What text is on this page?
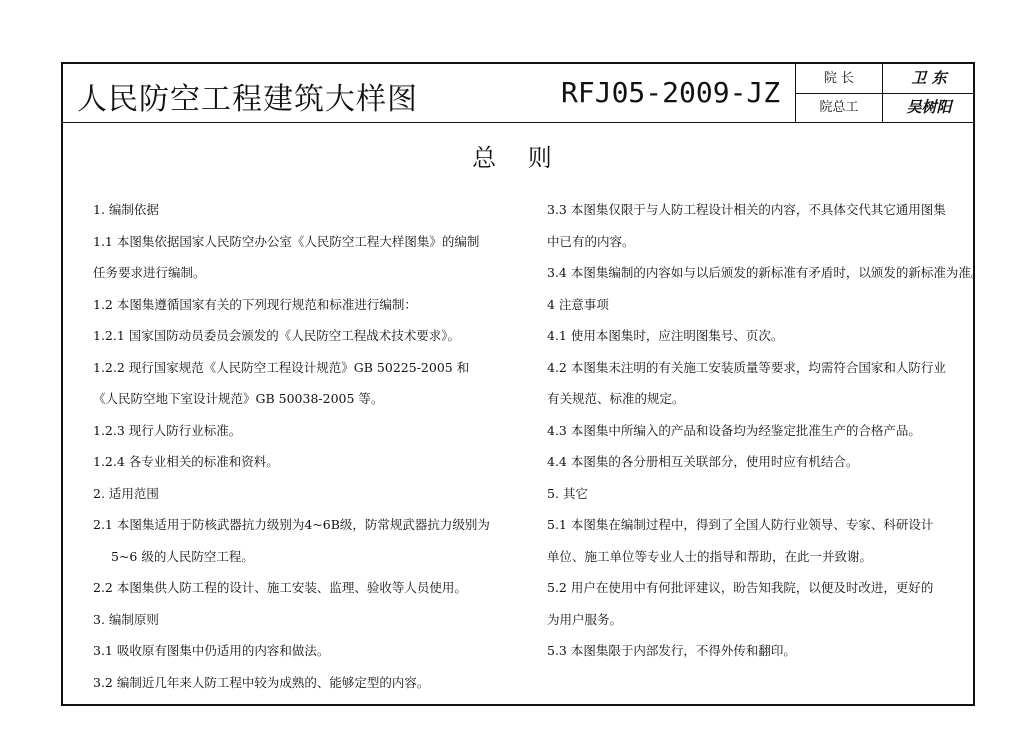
人民防空工程建筑大样图	RFJ05-2009-JZ	院 长	卫 东
院总工	吴树阳
总 则
1. 编制依据
1.1 本图集依据国家人民防空办公室《人民防空工程大样图集》的编制
任务要求进行编制。
1.2 本图集遵循国家有关的下列现行规范和标准进行编制：
1.2.1 国家国防动员委员会颁发的《人民防空工程战术技术要求》。
1.2.2 现行国家规范《人民防空工程设计规范》GB 50225-2005 和
《人民防空地下室设计规范》GB 50038-2005 等。
1.2.3 现行人防行业标准。
1.2.4 各专业相关的标准和资料。
2. 适用范围
2.1 本图集适用于防核武器抗力级别为4~6B级，防常规武器抗力级别为
5~6 级的人民防空工程。
2.2 本图集供人防工程的设计、施工安装、监理、验收等人员使用。
3. 编制原则
3.1 吸收原有图集中仍适用的内容和做法。
3.2 编制近几年来人防工程中较为成熟的、能够定型的内容。
3.3 本图集仅限于与人防工程设计相关的内容，不具体交代其它通用图集
中已有的内容。
3.4 本图集编制的内容如与以后颁发的新标准有矛盾时，以颁发的新标准为准。
4 注意事项
4.1 使用本图集时，应注明图集号、页次。
4.2 本图集未注明的有关施工安装质量等要求，均需符合国家和人防行业
有关规范、标准的规定。
4.3 本图集中所编入的产品和设备均为经鉴定批准生产的合格产品。
4.4 本图集的各分册相互关联部分，使用时应有机结合。
5. 其它
5.1 本图集在编制过程中，得到了全国人防行业领导、专家、科研设计
单位、施工单位等专业人士的指导和帮助，在此一并致谢。
5.2 用户在使用中有何批评建议，盼告知我院，以便及时改进，更好的
为用户服务。
5.3 本图集限于内部发行，不得外传和翻印。
